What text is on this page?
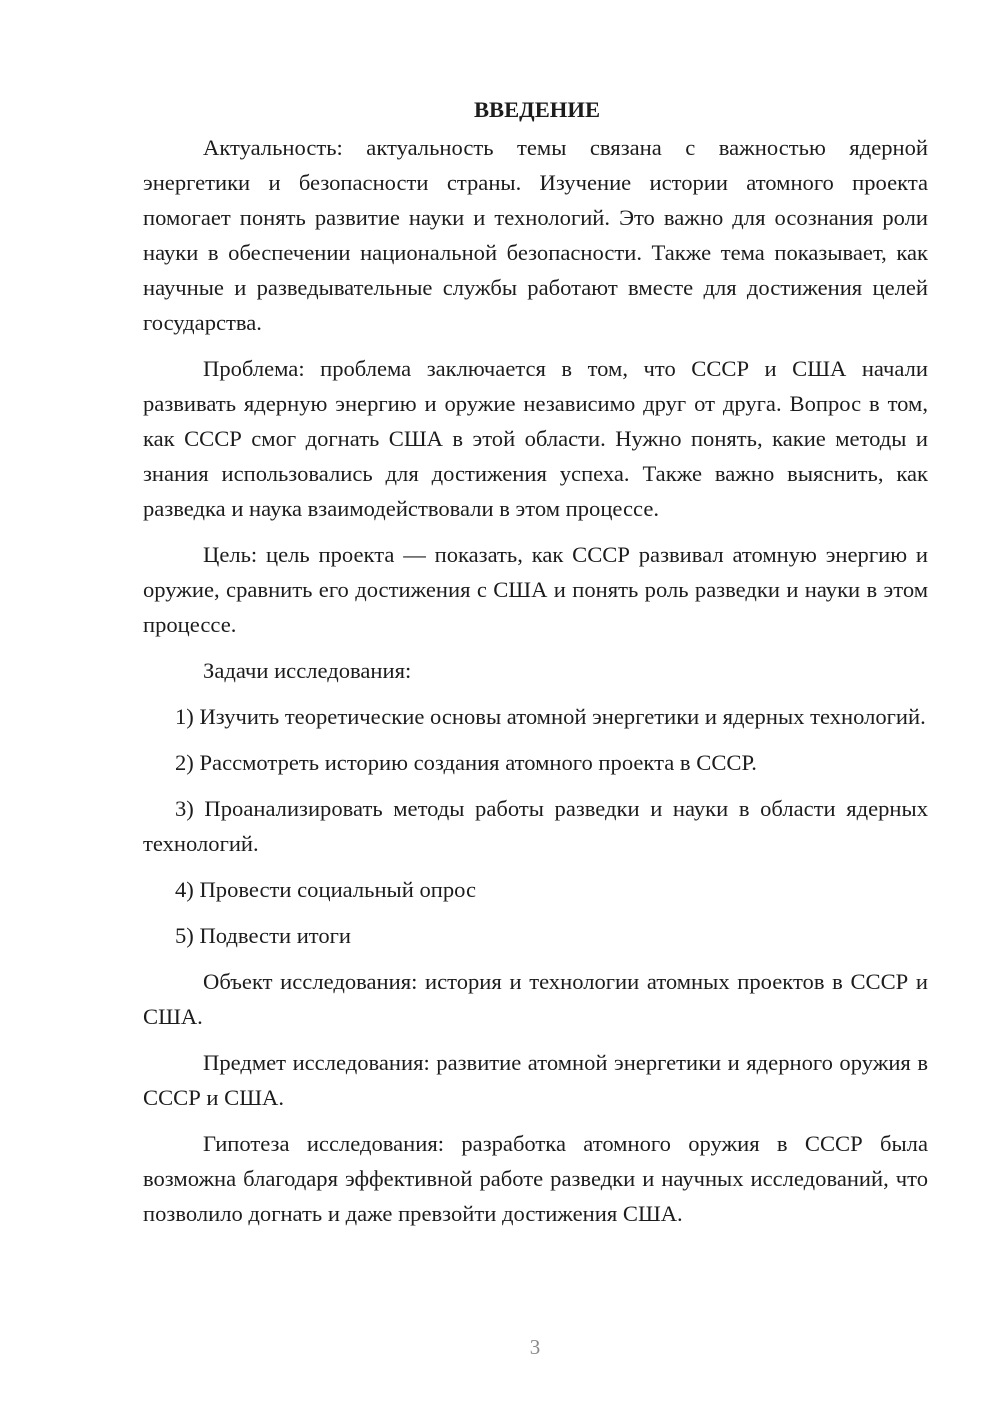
ВВЕДЕНИЕ

Актуальность: актуальность темы связана с важностью ядерной энергетики и безопасности страны. Изучение истории атомного проекта помогает понять развитие науки и технологий. Это важно для осознания роли науки в обеспечении национальной безопасности. Также тема показывает, как научные и разведывательные службы работают вместе для достижения целей государства.

Проблема: проблема заключается в том, что СССР и США начали развивать ядерную энергию и оружие независимо друг от друга. Вопрос в том, как СССР смог догнать США в этой области. Нужно понять, какие методы и знания использовались для достижения успеха. Также важно выяснить, как разведка и наука взаимодействовали в этом процессе.

Цель: цель проекта — показать, как СССР развивал атомную энергию и оружие, сравнить его достижения с США и понять роль разведки и науки в этом процессе.

Задачи исследования:

1) Изучить теоретические основы атомной энергетики и ядерных технологий.

2) Рассмотреть историю создания атомного проекта в СССР.

3) Проанализировать методы работы разведки и науки в области ядерных технологий.

4) Провести социальный опрос

5) Подвести итоги

Объект исследования: история и технологии атомных проектов в СССР и США.

Предмет исследования: развитие атомной энергетики и ядерного оружия в СССР и США.

Гипотеза исследования: разработка атомного оружия в СССР была возможна благодаря эффективной работе разведки и научных исследований, что позволило догнать и даже превзойти достижения США.

3
